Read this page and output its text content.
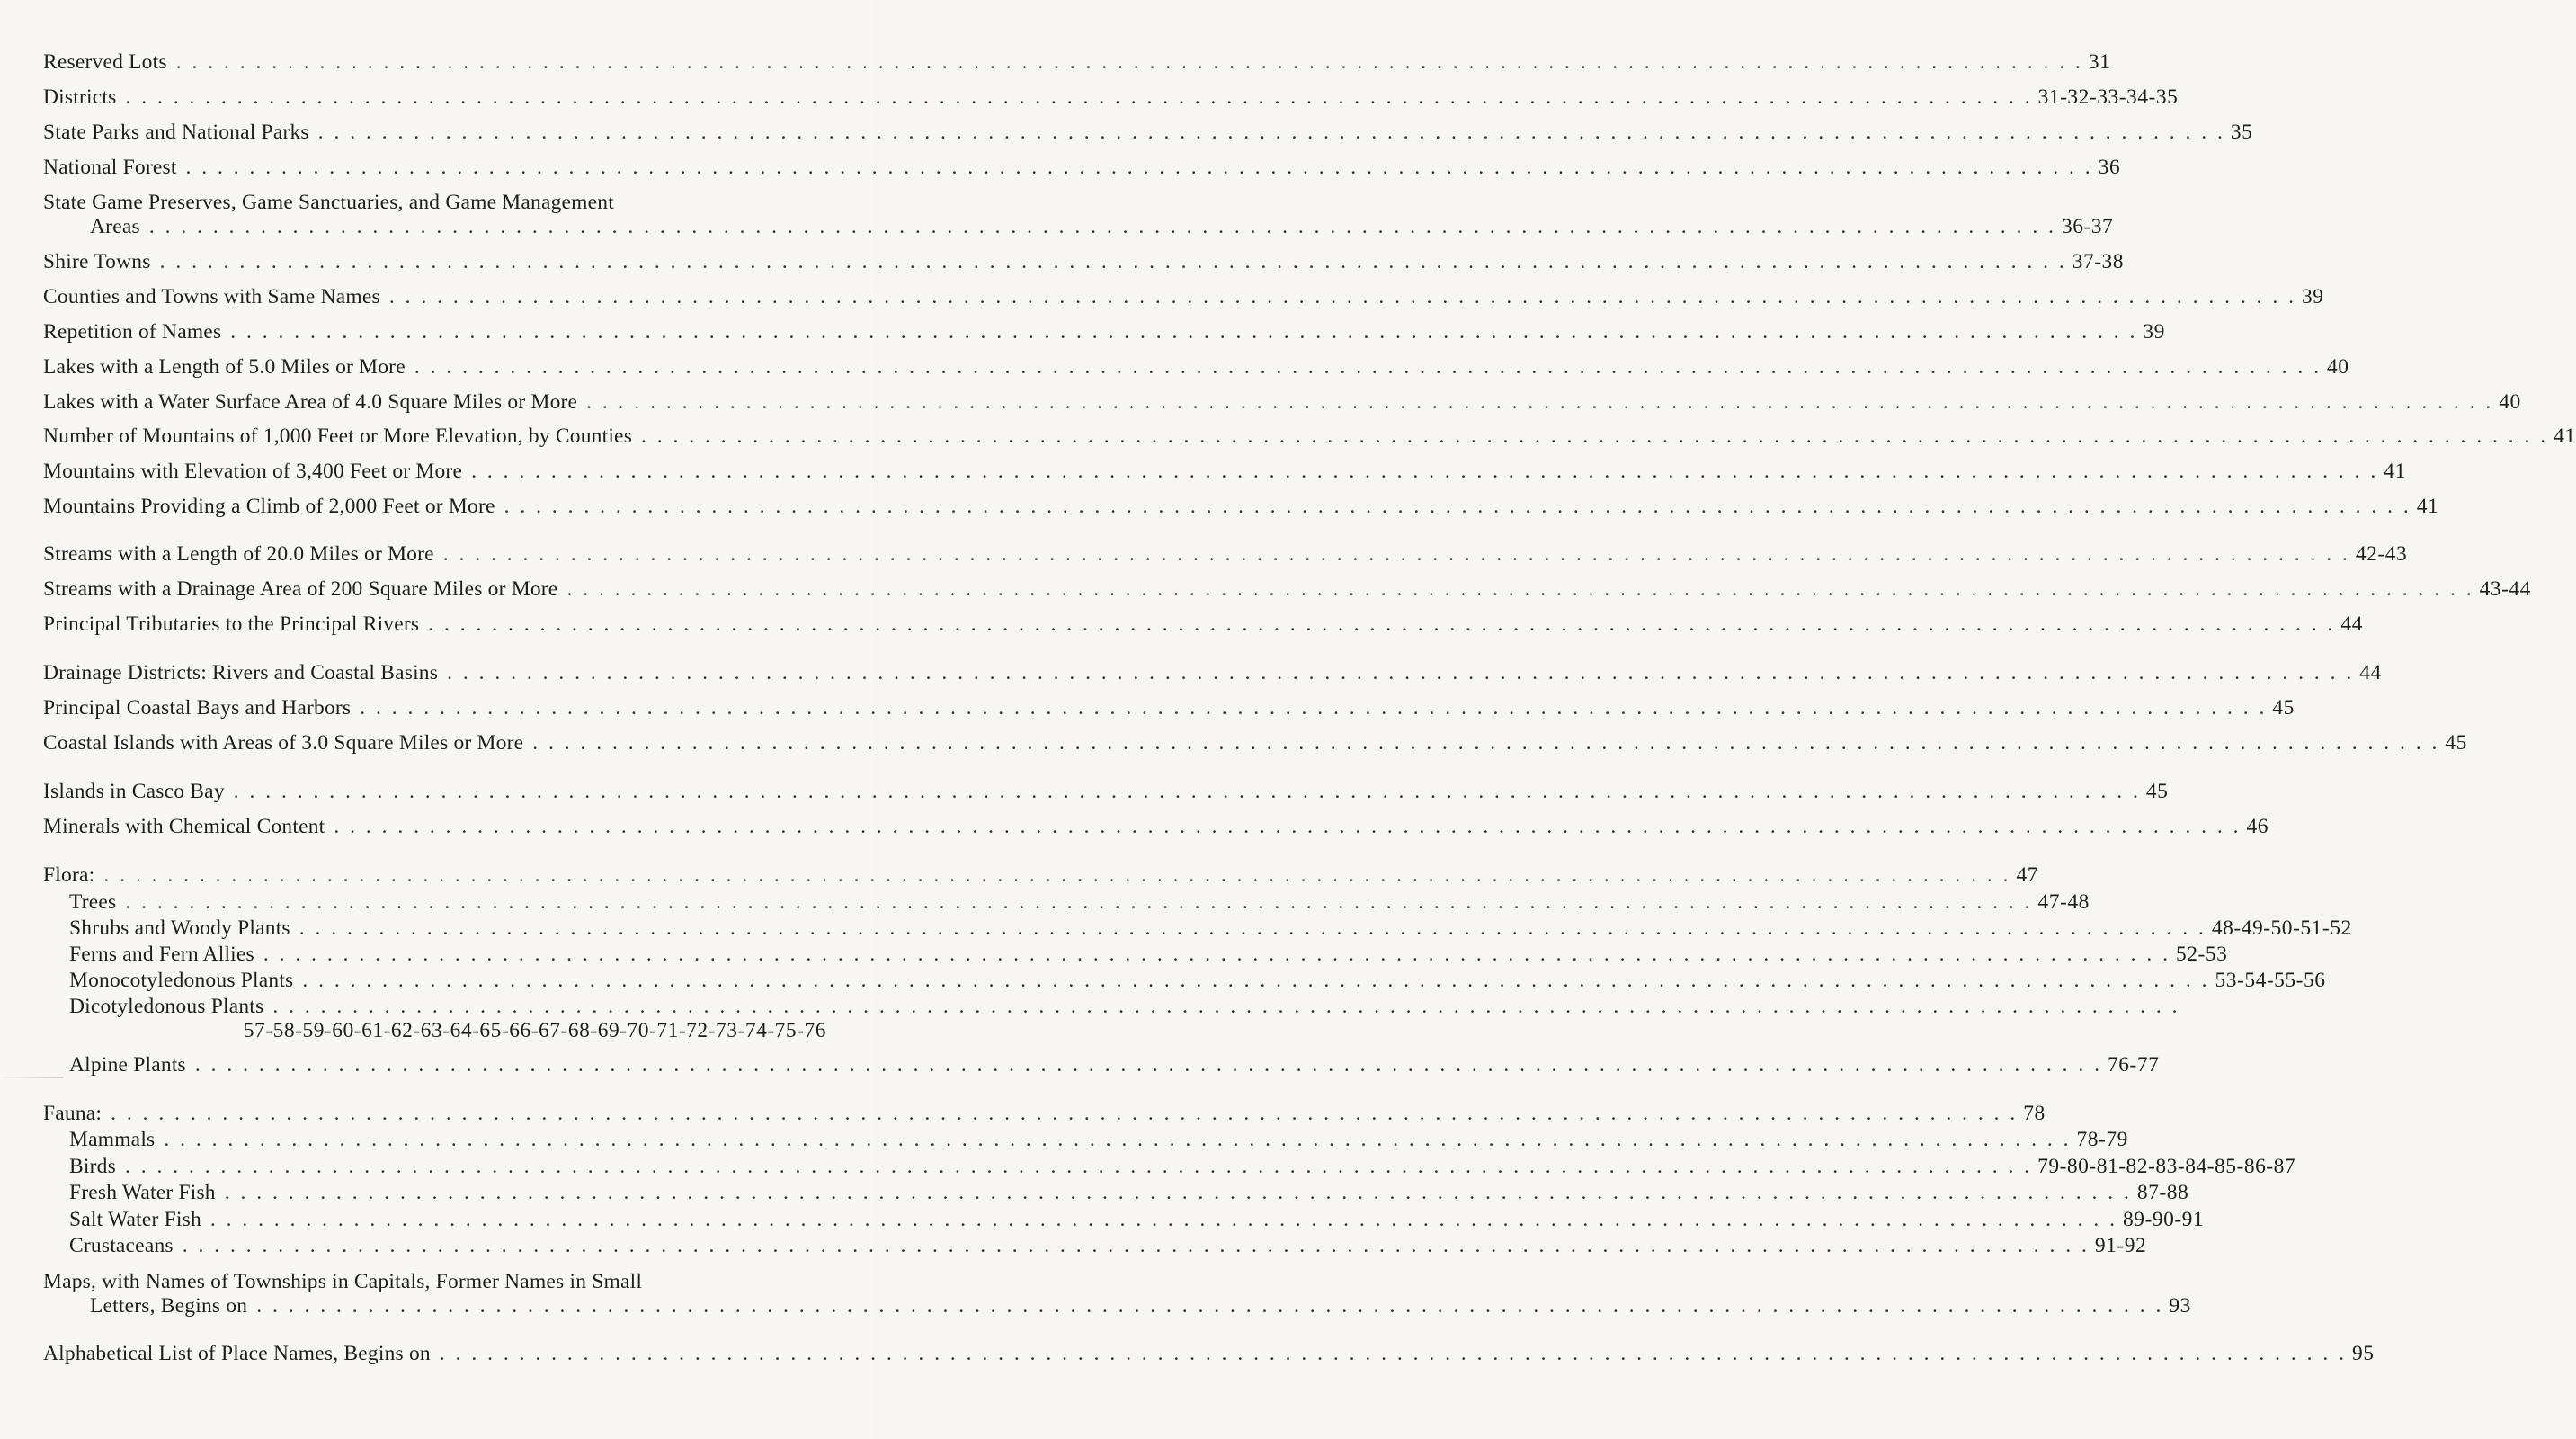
Reserved Lots . . . . . . . . . . . . . . . . . . . . . . . . . . . . . . . . . . . . . . . . . . . . . . . . . . . . . . . . . . . . . . . . . . . . . . . . . . . . . . . . . . . . . . . . . . . . . . . . . . . . . . . . . . . . . . . . . . . . . . . . 31
Districts . . . . . . . . . . . . . . . . . . . . . . . . . . . . . . . . . . . . . . . . . . . . . . . . . . . . . . . . . . . . . . . . . . . . . . . . . . . . . . . . . . . . . . . . . . . . . . . . . . . . . . . . . . . . . . . . . . . . . . . . 31-32-33-34-35
State Parks and National Parks . . . . . . . . . . . . . . . . . . . . . . . . . . . . . . . . . . . . . . . . . . . . . . . . . . . . . . . . . . . . . . . . . . . . . . . . . . . . . . . . . . . . . . . . . . . . . . . . . . . . . . . . . . . . . . . . . . . . . . . . 35
National Forest . . . . . . . . . . . . . . . . . . . . . . . . . . . . . . . . . . . . . . . . . . . . . . . . . . . . . . . . . . . . . . . . . . . . . . . . . . . . . . . . . . . . . . . . . . . . . . . . . . . . . . . . . . . . . . . . . . . . . . . . 36
State Game Preserves, Game Sanctuaries, and Game Management
Areas . . . . . . . . . . . . . . . . . . . . . . . . . . . . . . . . . . . . . . . . . . . . . . . . . . . . . . . . . . . . . . . . . . . . . . . . . . . . . . . . . . . . . . . . . . . . . . . . . . . . . . . . . . . . . . . . . . . . . . . . 36-37
Shire Towns . . . . . . . . . . . . . . . . . . . . . . . . . . . . . . . . . . . . . . . . . . . . . . . . . . . . . . . . . . . . . . . . . . . . . . . . . . . . . . . . . . . . . . . . . . . . . . . . . . . . . . . . . . . . . . . . . . . . . . . . 37-38
Counties and Towns with Same Names . . . . . . . . . . . . . . . . . . . . . . . . . . . . . . . . . . . . . . . . . . . . . . . . . . . . . . . . . . . . . . . . . . . . . . . . . . . . . . . . . . . . . . . . . . . . . . . . . . . . . . . . . . . . . . . . . . . . . . . . 39
Repetition of Names . . . . . . . . . . . . . . . . . . . . . . . . . . . . . . . . . . . . . . . . . . . . . . . . . . . . . . . . . . . . . . . . . . . . . . . . . . . . . . . . . . . . . . . . . . . . . . . . . . . . . . . . . . . . . . . . . . . . . . . . 39
Lakes with a Length of 5.0 Miles or More . . . . . . . . . . . . . . . . . . . . . . . . . . . . . . . . . . . . . . . . . . . . . . . . . . . . . . . . . . . . . . . . . . . . . . . . . . . . . . . . . . . . . . . . . . . . . . . . . . . . . . . . . . . . . . . . . . . . . . . . 40
Lakes with a Water Surface Area of 4.0 Square Miles or More . . . . . . . . . . . . . . . . . . . . . . . . . . . . . . . . . . . . . . . . . . . . . . . . . . . . . . . . . . . . . . . . . . . . . . . . . . . . . . . . . . . . . . . . . . . . . . . . . . . . . . . . . . . . . . . . . . . . . . . . 40
Number of Mountains of 1,000 Feet or More Elevation, by Counties . . . . . . . . . . . . . . . . . . . . . . . . . . . . . . . . . . . . . . . . . . . . . . . . . . . . . . . . . . . . . . . . . . . . . . . . . . . . . . . . . . . . . . . . . . . . . . . . . . . . . . . . . . . . . . . . . . . . . . . . 41
Mountains with Elevation of 3,400 Feet or More . . . . . . . . . . . . . . . . . . . . . . . . . . . . . . . . . . . . . . . . . . . . . . . . . . . . . . . . . . . . . . . . . . . . . . . . . . . . . . . . . . . . . . . . . . . . . . . . . . . . . . . . . . . . . . . . . . . . . . . . 41
Mountains Providing a Climb of 2,000 Feet or More . . . . . . . . . . . . . . . . . . . . . . . . . . . . . . . . . . . . . . . . . . . . . . . . . . . . . . . . . . . . . . . . . . . . . . . . . . . . . . . . . . . . . . . . . . . . . . . . . . . . . . . . . . . . . . . . . . . . . . . . 41
Streams with a Length of 20.0 Miles or More . . . . . . . . . . . . . . . . . . . . . . . . . . . . . . . . . . . . . . . . . . . . . . . . . . . . . . . . . . . . . . . . . . . . . . . . . . . . . . . . . . . . . . . . . . . . . . . . . . . . . . . . . . . . . . . . . . . . . . . . 42-43
Streams with a Drainage Area of 200 Square Miles or More . . . . . . . . . . . . . . . . . . . . . . . . . . . . . . . . . . . . . . . . . . . . . . . . . . . . . . . . . . . . . . . . . . . . . . . . . . . . . . . . . . . . . . . . . . . . . . . . . . . . . . . . . . . . . . . . . . . . . . . . 43-44
Principal Tributaries to the Principal Rivers . . . . . . . . . . . . . . . . . . . . . . . . . . . . . . . . . . . . . . . . . . . . . . . . . . . . . . . . . . . . . . . . . . . . . . . . . . . . . . . . . . . . . . . . . . . . . . . . . . . . . . . . . . . . . . . . . . . . . . . . 44
Drainage Districts: Rivers and Coastal Basins . . . . . . . . . . . . . . . . . . . . . . . . . . . . . . . . . . . . . . . . . . . . . . . . . . . . . . . . . . . . . . . . . . . . . . . . . . . . . . . . . . . . . . . . . . . . . . . . . . . . . . . . . . . . . . . . . . . . . . . . 44
Principal Coastal Bays and Harbors . . . . . . . . . . . . . . . . . . . . . . . . . . . . . . . . . . . . . . . . . . . . . . . . . . . . . . . . . . . . . . . . . . . . . . . . . . . . . . . . . . . . . . . . . . . . . . . . . . . . . . . . . . . . . . . . . . . . . . . . 45
Coastal Islands with Areas of 3.0 Square Miles or More . . . . . . . . . . . . . . . . . . . . . . . . . . . . . . . . . . . . . . . . . . . . . . . . . . . . . . . . . . . . . . . . . . . . . . . . . . . . . . . . . . . . . . . . . . . . . . . . . . . . . . . . . . . . . . . . . . . . . . . . 45
Islands in Casco Bay . . . . . . . . . . . . . . . . . . . . . . . . . . . . . . . . . . . . . . . . . . . . . . . . . . . . . . . . . . . . . . . . . . . . . . . . . . . . . . . . . . . . . . . . . . . . . . . . . . . . . . . . . . . . . . . . . . . . . . . . 45
Minerals with Chemical Content . . . . . . . . . . . . . . . . . . . . . . . . . . . . . . . . . . . . . . . . . . . . . . . . . . . . . . . . . . . . . . . . . . . . . . . . . . . . . . . . . . . . . . . . . . . . . . . . . . . . . . . . . . . . . . . . . . . . . . . . 46
Flora: . . . . . . . . . . . . . . . . . . . . . . . . . . . . . . . . . . . . . . . . . . . . . . . . . . . . . . . . . . . . . . . . . . . . . . . . . . . . . . . . . . . . . . . . . . . . . . . . . . . . . . . . . . . . . . . . . . . . . . . . 47
Trees . . . . . . . . . . . . . . . . . . . . . . . . . . . . . . . . . . . . . . . . . . . . . . . . . . . . . . . . . . . . . . . . . . . . . . . . . . . . . . . . . . . . . . . . . . . . . . . . . . . . . . . . . . . . . . . . . . . . . . . . 47-48
Shrubs and Woody Plants . . . . . . . . . . . . . . . . . . . . . . . . . . . . . . . . . . . . . . . . . . . . . . . . . . . . . . . . . . . . . . . . . . . . . . . . . . . . . . . . . . . . . . . . . . . . . . . . . . . . . . . . . . . . . . . . . . . . . . . . 48-49-50-51-52
Ferns and Fern Allies . . . . . . . . . . . . . . . . . . . . . . . . . . . . . . . . . . . . . . . . . . . . . . . . . . . . . . . . . . . . . . . . . . . . . . . . . . . . . . . . . . . . . . . . . . . . . . . . . . . . . . . . . . . . . . . . . . . . . . . . 52-53
Monocotyledonous Plants . . . . . . . . . . . . . . . . . . . . . . . . . . . . . . . . . . . . . . . . . . . . . . . . . . . . . . . . . . . . . . . . . . . . . . . . . . . . . . . . . . . . . . . . . . . . . . . . . . . . . . . . . . . . . . . . . . . . . . . . 53-54-55-56
Dicotyledonous Plants . . . . . . . . . . . . . . . . . . . . . . . . . . . . . . . . . . . . . . . . . . . . . . . . . . . . . . . . . . . . . . . . . . . . . . . . . . . . . . . . . . . . . . . . . . . . . . . . . . . . . . . . . . . . . . . . . . . . . . . .
57-58-59-60-61-62-63-64-65-66-67-68-69-70-71-72-73-74-75-76
Alpine Plants . . . . . . . . . . . . . . . . . . . . . . . . . . . . . . . . . . . . . . . . . . . . . . . . . . . . . . . . . . . . . . . . . . . . . . . . . . . . . . . . . . . . . . . . . . . . . . . . . . . . . . . . . . . . . . . . . . . . . . . . 76-77
Fauna: . . . . . . . . . . . . . . . . . . . . . . . . . . . . . . . . . . . . . . . . . . . . . . . . . . . . . . . . . . . . . . . . . . . . . . . . . . . . . . . . . . . . . . . . . . . . . . . . . . . . . . . . . . . . . . . . . . . . . . . . 78
Mammals . . . . . . . . . . . . . . . . . . . . . . . . . . . . . . . . . . . . . . . . . . . . . . . . . . . . . . . . . . . . . . . . . . . . . . . . . . . . . . . . . . . . . . . . . . . . . . . . . . . . . . . . . . . . . . . . . . . . . . . . 78-79
Birds . . . . . . . . . . . . . . . . . . . . . . . . . . . . . . . . . . . . . . . . . . . . . . . . . . . . . . . . . . . . . . . . . . . . . . . . . . . . . . . . . . . . . . . . . . . . . . . . . . . . . . . . . . . . . . . . . . . . . . . . 79-80-81-82-83-84-85-86-87
Fresh Water Fish . . . . . . . . . . . . . . . . . . . . . . . . . . . . . . . . . . . . . . . . . . . . . . . . . . . . . . . . . . . . . . . . . . . . . . . . . . . . . . . . . . . . . . . . . . . . . . . . . . . . . . . . . . . . . . . . . . . . . . . . 87-88
Salt Water Fish . . . . . . . . . . . . . . . . . . . . . . . . . . . . . . . . . . . . . . . . . . . . . . . . . . . . . . . . . . . . . . . . . . . . . . . . . . . . . . . . . . . . . . . . . . . . . . . . . . . . . . . . . . . . . . . . . . . . . . . . 89-90-91
Crustaceans . . . . . . . . . . . . . . . . . . . . . . . . . . . . . . . . . . . . . . . . . . . . . . . . . . . . . . . . . . . . . . . . . . . . . . . . . . . . . . . . . . . . . . . . . . . . . . . . . . . . . . . . . . . . . . . . . . . . . . . . 91-92
Maps, with Names of Townships in Capitals, Former Names in Small
Letters, Begins on . . . . . . . . . . . . . . . . . . . . . . . . . . . . . . . . . . . . . . . . . . . . . . . . . . . . . . . . . . . . . . . . . . . . . . . . . . . . . . . . . . . . . . . . . . . . . . . . . . . . . . . . . . . . . . . . . . . . . . . . 93
Alphabetical List of Place Names, Begins on . . . . . . . . . . . . . . . . . . . . . . . . . . . . . . . . . . . . . . . . . . . . . . . . . . . . . . . . . . . . . . . . . . . . . . . . . . . . . . . . . . . . . . . . . . . . . . . . . . . . . . . . . . . . . . . . . . . . . . . . 95
